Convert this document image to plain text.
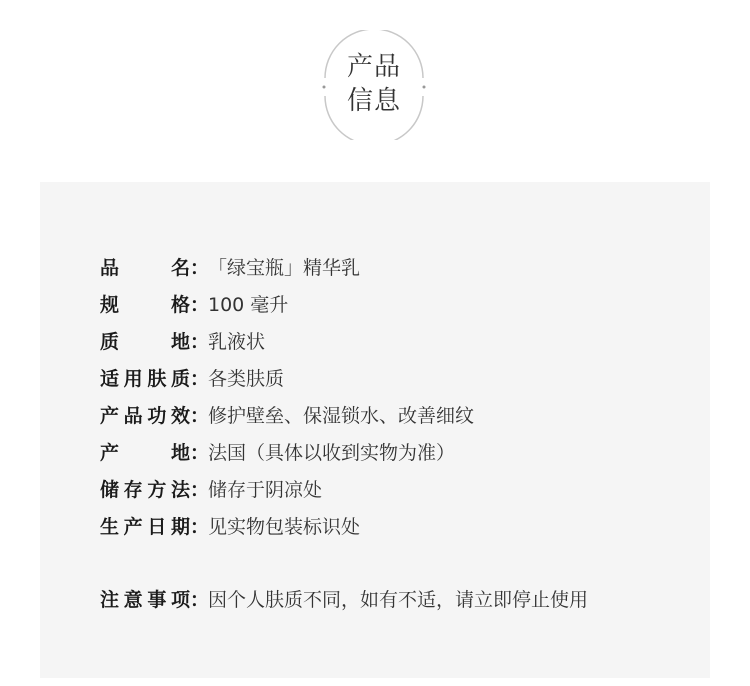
产品
信息
品	名 ：
「绿宝瓶」精华乳
规	格 ：
100 毫升
质	地 ：
乳液状
适 用 肤 质 ：
各类肤质
产 品 功 效 ：
修护壁垒、保湿锁水、改善细纹
产	地 ：
法国（具体以收到实物为准）
储 存 方 法 ：
储存于阴凉处
生 产 日 期 ：
见实物包装标识处
注 意 事 项 ：
因个人肤质不同，如有不适，请立即停止使用
